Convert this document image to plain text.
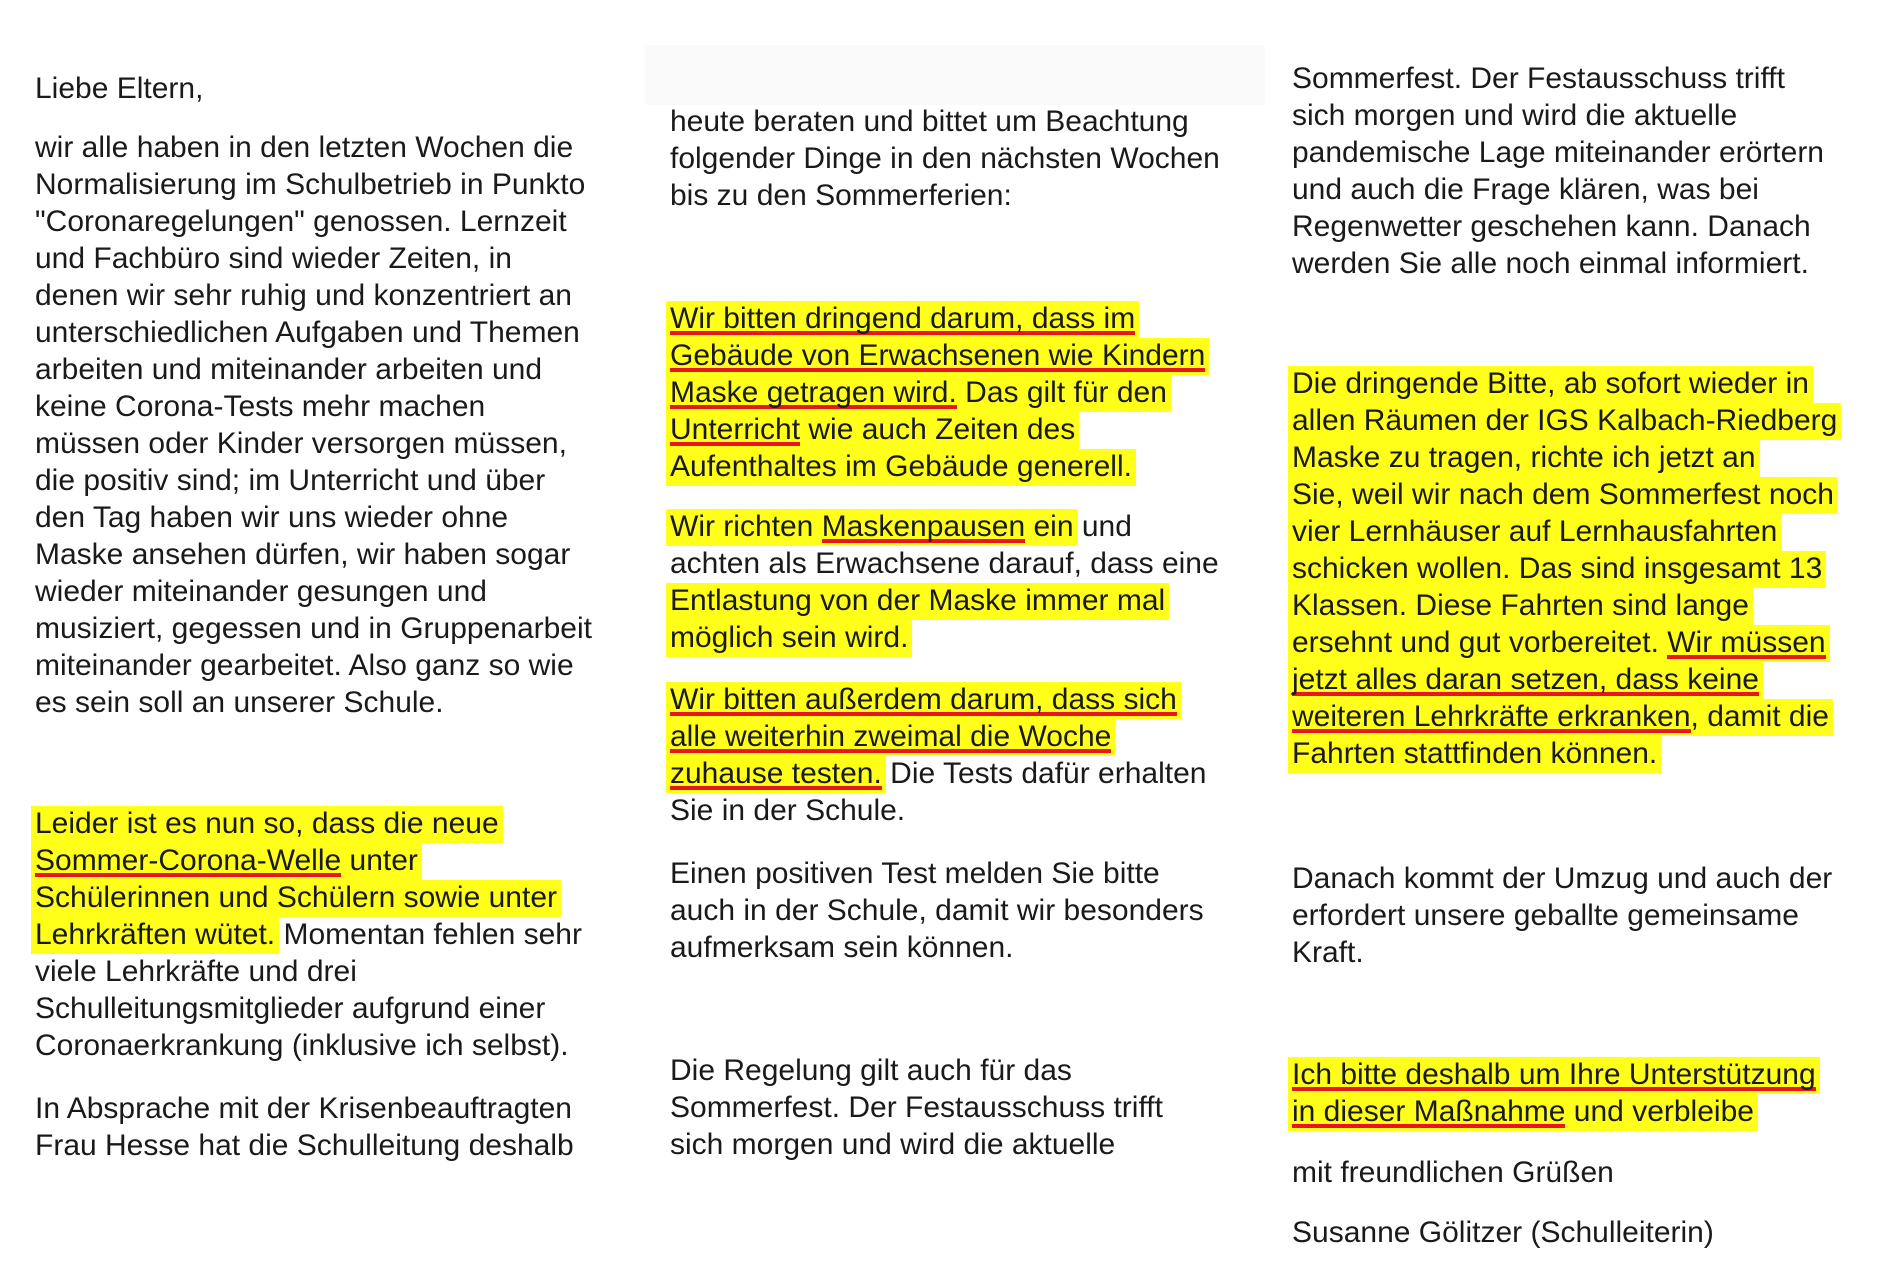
Liebe Eltern,

wir alle haben in den letzten Wochen die
Normalisierung im Schulbetrieb in Punkto
"Coronaregelungen" genossen. Lernzeit
und Fachbüro sind wieder Zeiten, in
denen wir sehr ruhig und konzentriert an
unterschiedlichen Aufgaben und Themen
arbeiten und miteinander arbeiten und
keine Corona-Tests mehr machen
müssen oder Kinder versorgen müssen,
die positiv sind; im Unterricht und über
den Tag haben wir uns wieder ohne
Maske ansehen dürfen, wir haben sogar
wieder miteinander gesungen und
musiziert, gegessen und in Gruppenarbeit
miteinander gearbeitet. Also ganz so wie
es sein soll an unserer Schule.

Leider ist es nun so, dass die neue
Sommer-Corona-Welle unter
Schülerinnen und Schülern sowie unter
Lehrkräften wütet. Momentan fehlen sehr
viele Lehrkräfte und drei
Schulleitungsmitglieder aufgrund einer
Coronaerkrankung (inklusive ich selbst).

In Absprache mit der Krisenbeauftragten
Frau Hesse hat die Schulleitung deshalb

heute beraten und bittet um Beachtung
folgender Dinge in den nächsten Wochen
bis zu den Sommerferien:

Wir bitten dringend darum, dass im
Gebäude von Erwachsenen wie Kindern
Maske getragen wird. Das gilt für den
Unterricht wie auch Zeiten des
Aufenthaltes im Gebäude generell.

Wir richten Maskenpausen ein und
achten als Erwachsene darauf, dass eine
Entlastung von der Maske immer mal
möglich sein wird.

Wir bitten außerdem darum, dass sich
alle weiterhin zweimal die Woche
zuhause testen. Die Tests dafür erhalten
Sie in der Schule.

Einen positiven Test melden Sie bitte
auch in der Schule, damit wir besonders
aufmerksam sein können.

Die Regelung gilt auch für das
Sommerfest. Der Festausschuss trifft
sich morgen und wird die aktuelle

Sommerfest. Der Festausschuss trifft
sich morgen und wird die aktuelle
pandemische Lage miteinander erörtern
und auch die Frage klären, was bei
Regenwetter geschehen kann. Danach
werden Sie alle noch einmal informiert.

Die dringende Bitte, ab sofort wieder in
allen Räumen der IGS Kalbach-Riedberg
Maske zu tragen, richte ich jetzt an
Sie, weil wir nach dem Sommerfest noch
vier Lernhäuser auf Lernhausfahrten
schicken wollen. Das sind insgesamt 13
Klassen. Diese Fahrten sind lange
ersehnt und gut vorbereitet. Wir müssen
jetzt alles daran setzen, dass keine
weiteren Lehrkräfte erkranken, damit die
Fahrten stattfinden können.

Danach kommt der Umzug und auch der
erfordert unsere geballte gemeinsame
Kraft.

Ich bitte deshalb um Ihre Unterstützung
in dieser Maßnahme und verbleibe

mit freundlichen Grüßen

Susanne Gölitzer (Schulleiterin)
